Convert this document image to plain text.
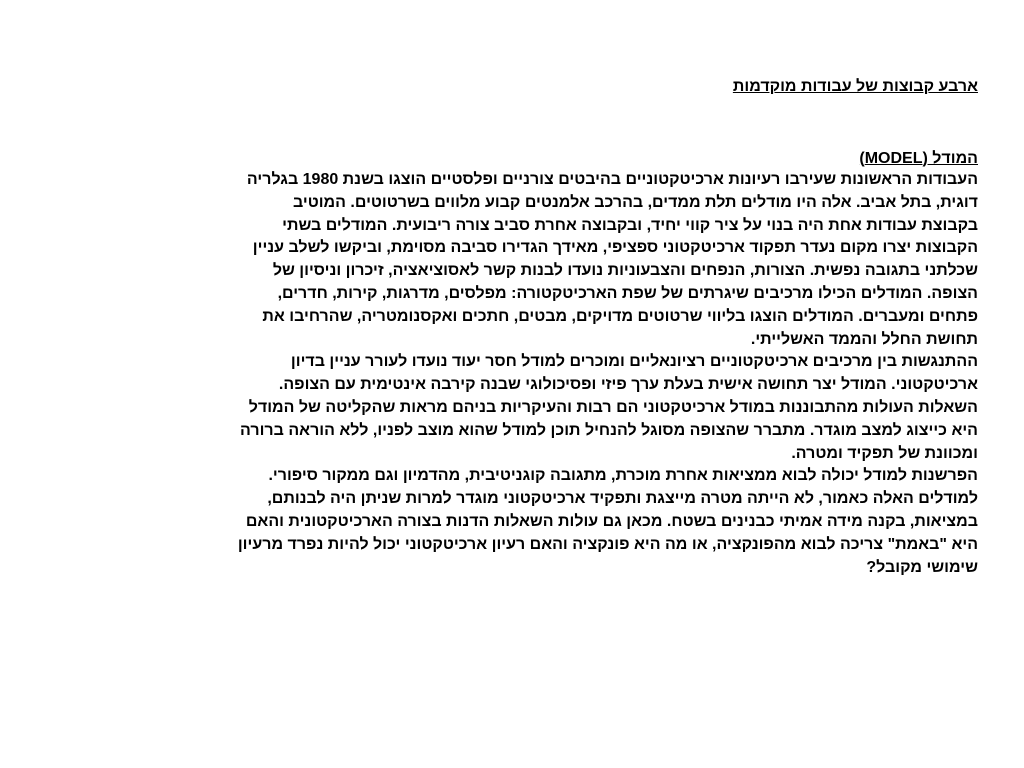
ארבע קבוצות של עבודות מוקדמות
המודל (MODEL)
העבודות הראשונות שעירבו רעיונות ארכיטקטוניים בהיבטים צורניים ופלסטיים הוצגו בשנת 1980 בגלריה
דוגית, בתל אביב. אלה היו מודלים תלת ממדים, בהרכב אלמנטים קבוע מלווים בשרטוטים. המוטיב
בקבוצת עבודות אחת היה בנוי על ציר קווי יחיד, ובקבוצה אחרת סביב צורה ריבועית. המודלים בשתי
הקבוצות יצרו מקום נעדר תפקוד ארכיטקטוני ספציפי, מאידך הגדירו סביבה מסוימת, וביקשו לשלב עניין
שכלתני בתגובה נפשית. הצורות, הנפחים והצבעוניות נועדו לבנות קשר לאסוציאציה, זיכרון וניסיון של
הצופה. המודלים הכילו מרכיבים שיגרתים של שפת הארכיטקטורה: מפלסים, מדרגות, קירות, חדרים,
פתחים ומעברים. המודלים הוצגו בליווי שרטוטים מדויקים, מבטים, חתכים ואקסנומטריה, שהרחיבו את
תחושת החלל והממד האשלייתי.
ההתנגשות בין מרכיבים ארכיטקטוניים רציונאליים ומוכרים למודל חסר יעוד נועדו לעורר עניין בדיון
ארכיטקטוני. המודל יצר תחושה אישית בעלת ערך פיזי ופסיכולוגי שבנה קירבה אינטימית עם הצופה.
השאלות העולות מהתבוננות במודל ארכיטקטוני הם רבות והעיקריות בניהם מראות שהקליטה של המודל
היא כייצוג למצב מוגדר. מתברר שהצופה מסוגל להנחיל תוכן למודל שהוא מוצב לפניו, ללא הוראה ברורה
ומכוונת של תפקיד ומטרה.
הפרשנות למודל יכולה לבוא ממציאות אחרת מוכרת, מתגובה קוגניטיבית, מהדמיון וגם ממקור סיפורי.
למודלים האלה כאמור, לא הייתה מטרה מייצגת ותפקיד ארכיטקטוני מוגדר למרות שניתן היה לבנותם,
במציאות, בקנה מידה אמיתי כבנינים בשטח. מכאן גם עולות השאלות הדנות בצורה הארכיטקטונית והאם
היא "באמת" צריכה לבוא מהפונקציה, או מה היא פונקציה והאם רעיון ארכיטקטוני יכול להיות נפרד מרעיון
שימושי מקובל?
